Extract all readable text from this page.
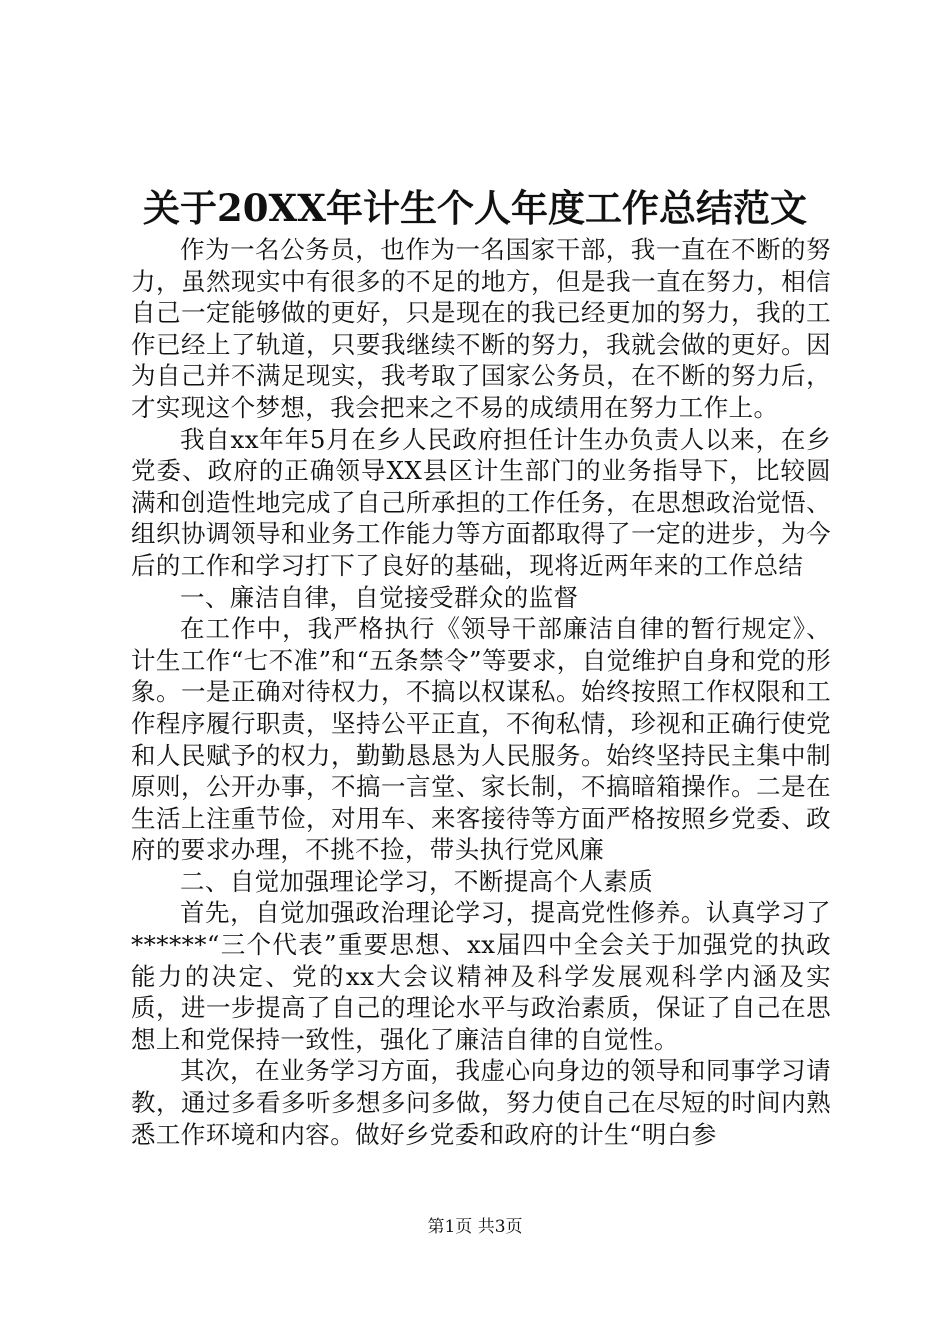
关于20XX年计生个人年度工作总结范文

作为一名公务员，也作为一名国家干部，我一直在不断的努力，虽然现实中有很多的不足的地方，但是我一直在努力，相信自己一定能够做的更好，只是现在的我已经更加的努力，我的工作已经上了轨道，只要我继续不断的努力，我就会做的更好。因为自己并不满足现实，我考取了国家公务员，在不断的努力后，才实现这个梦想，我会把来之不易的成绩用在努力工作上。

我自xx年年5月在乡人民政府担任计生办负责人以来，在乡党委、政府的正确领导XX县区计生部门的业务指导下，比较圆满和创造性地完成了自己所承担的工作任务，在思想政治觉悟、组织协调领导和业务工作能力等方面都取得了一定的进步，为今后的工作和学习打下了良好的基础，现将近两年来的工作总结

一、廉洁自律，自觉接受群众的监督

在工作中，我严格执行《领导干部廉洁自律的暂行规定》、计生工作“七不准”和“五条禁令”等要求，自觉维护自身和党的形象。一是正确对待权力，不搞以权谋私。始终按照工作权限和工作程序履行职责，坚持公平正直，不徇私情，珍视和正确行使党和人民赋予的权力，勤勤恳恳为人民服务。始终坚持民主集中制原则，公开办事，不搞一言堂、家长制，不搞暗箱操作。二是在生活上注重节俭，对用车、来客接待等方面严格按照乡党委、政府的要求办理，不挑不捡，带头执行党风廉

二、自觉加强理论学习，不断提高个人素质

首先，自觉加强政治理论学习，提高党性修养。认真学习了******“三个代表”重要思想、xx届四中全会关于加强党的执政能力的决定、党的xx大会议精神及科学发展观科学内涵及实质，进一步提高了自己的理论水平与政治素质，保证了自己在思想上和党保持一致性，强化了廉洁自律的自觉性。

其次，在业务学习方面，我虚心向身边的领导和同事学习请教，通过多看多听多想多问多做，努力使自己在尽短的时间内熟悉工作环境和内容。做好乡党委和政府的计生“明白参

第1页 共3页
